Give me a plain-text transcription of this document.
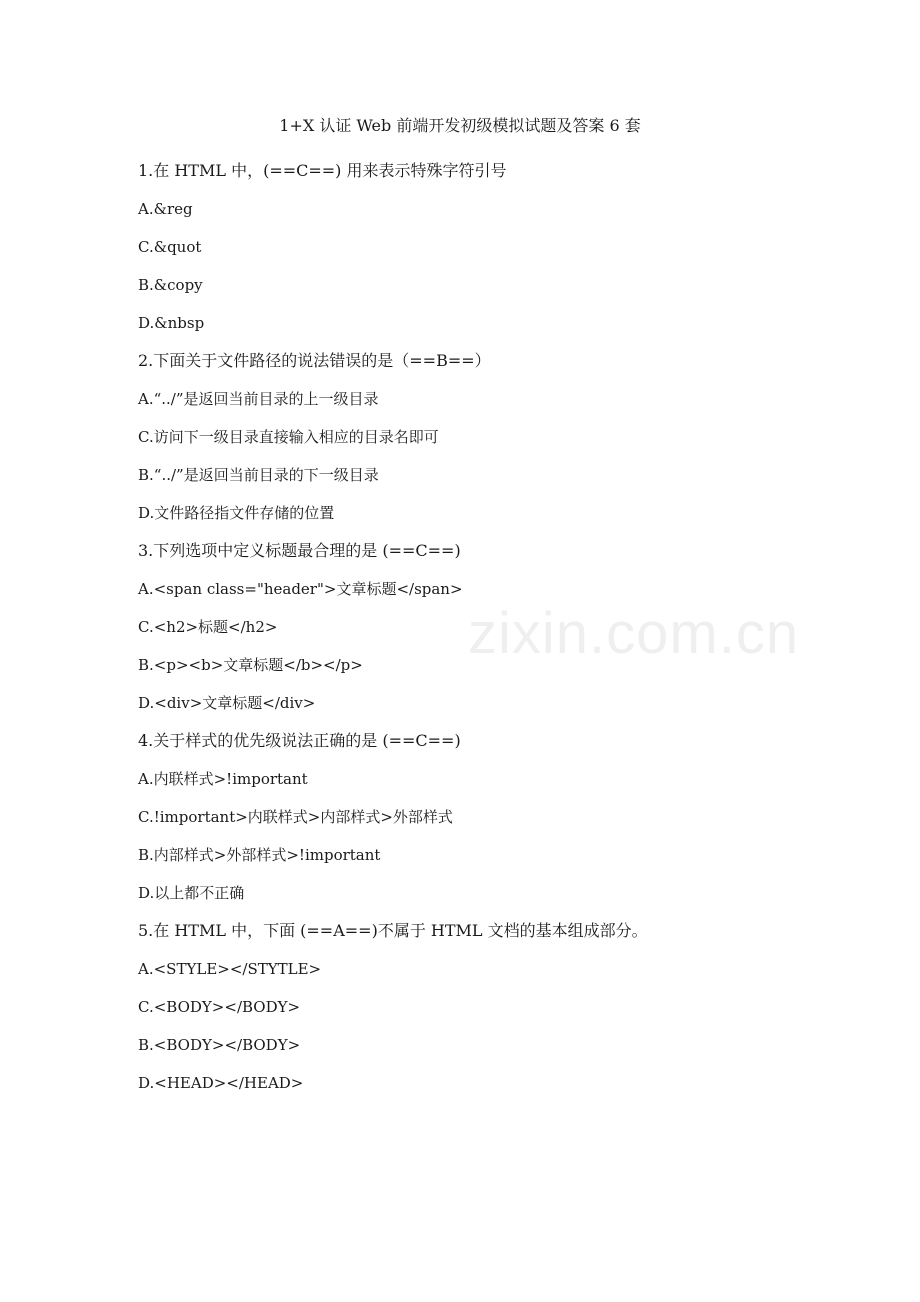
1+X 认证 Web 前端开发初级模拟试题及答案 6 套
zixin.com.cn
1.在 HTML 中，(==C==) 用来表示特殊字符引号
A.&reg
C.&quot
B.&copy
D.&nbsp
2.下面关于文件路径的说法错误的是（==B==）
A.“../”是返回当前目录的上一级目录
C.访问下一级目录直接输入相应的目录名即可
B.“../”是返回当前目录的下一级目录
D.文件路径指文件存储的位置
3.下列选项中定义标题最合理的是 (==C==)
A.<span class="header">文章标题</span>
C.<h2>标题</h2>
B.<p><b>文章标题</b></p>
D.<div>文章标题</div>
4.关于样式的优先级说法正确的是 (==C==)
A.内联样式>!important
C.!important>内联样式>内部样式>外部样式
B.内部样式>外部样式>!important
D.以上都不正确
5.在 HTML 中，下面 (==A==)不属于 HTML 文档的基本组成部分。
A.<STYLE></STYTLE>
C.<BODY></BODY>
B.<BODY></BODY>
D.<HEAD></HEAD>
